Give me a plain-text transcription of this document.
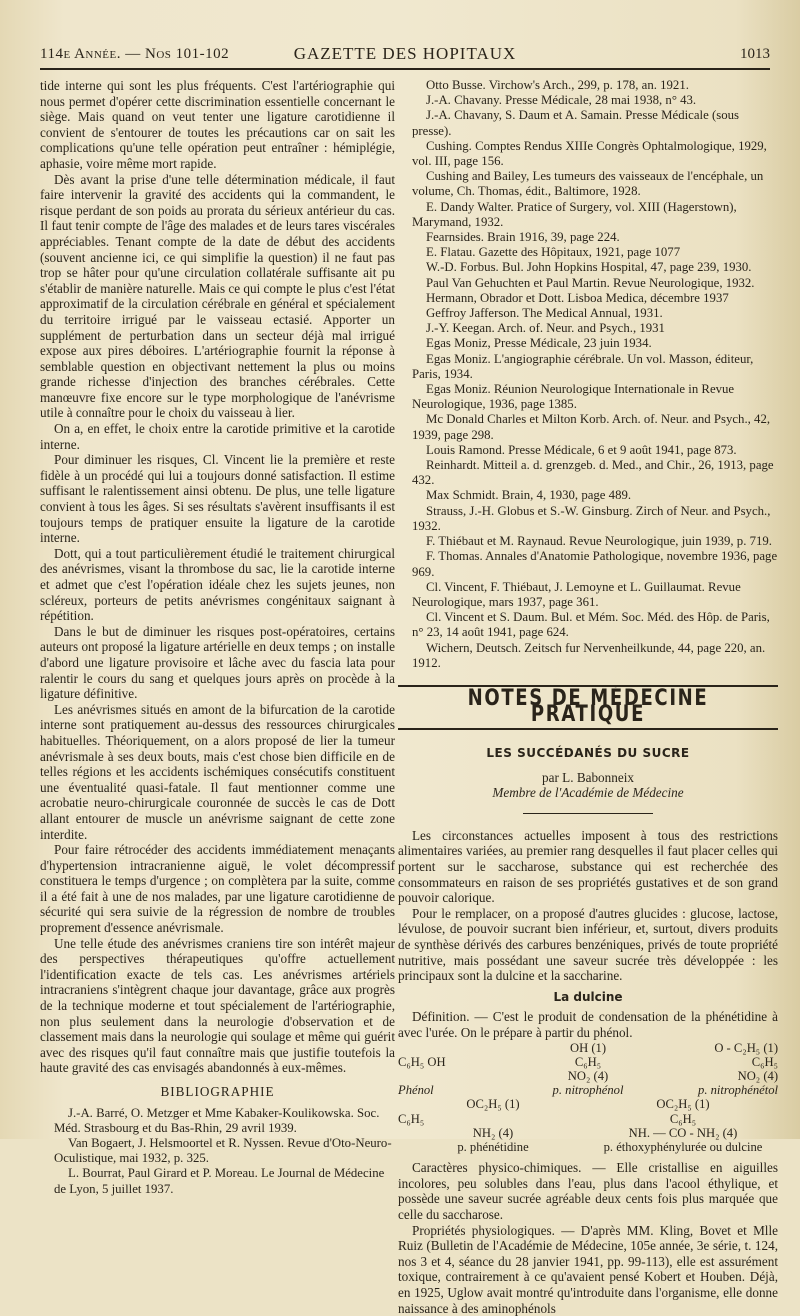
114e Année. — Nos 101-102	GAZETTE DES HOPITAUX	1013

tide interne qui sont les plus fréquents. C'est l'artériographie qui nous permet d'opérer cette discrimination essentielle concernant le siège. Mais quand on veut tenter une ligature carotidienne il convient de s'entourer de toutes les précautions car on sait les complications qu'une telle opération peut entraîner : hémiplégie, aphasie, voire même mort rapide.

Dès avant la prise d'une telle détermination médicale, il faut faire intervenir la gravité des accidents qui la commandent, le risque perdant de son poids au prorata du sérieux antérieur du cas. Il faut tenir compte de l'âge des malades et de leurs tares viscérales appréciables. Tenant compte de la date de début des accidents (souvent ancienne ici, ce qui simplifie la question) il ne faut pas trop se hâter pour qu'une circulation collatérale suffisante ait pu s'établir de manière naturelle. Mais ce qui compte le plus c'est l'état approximatif de la circulation cérébrale en général et spécialement du territoire irrigué par le vaisseau ectasié. Apporter un supplément de perturbation dans un secteur déjà mal irrigué expose aux pires déboires. L'artériographie fournit la réponse à semblable question en objectivant nettement la plus ou moins grande richesse d'injection des branches cérébrales. Cette manœuvre fixe encore sur le type morphologique de l'anévrisme utile à connaître pour le choix du vaisseau à lier.

On a, en effet, le choix entre la carotide primitive et la carotide interne.

Pour diminuer les risques, Cl. Vincent lie la première et reste fidèle à un procédé qui lui a toujours donné satisfaction. Il estime suffisant le ralentissement ainsi obtenu. De plus, une telle ligature convient à tous les âges. Si ses résultats s'avèrent insuffisants il est toujours temps de pratiquer ensuite la ligature de la carotide interne.

Dott, qui a tout particulièrement étudié le traitement chirurgical des anévrismes, visant la thrombose du sac, lie la carotide interne et admet que c'est l'opération idéale chez les sujets jeunes, non scléreux, porteurs de petits anévrismes congénitaux saignant à répétition.

Dans le but de diminuer les risques post-opératoires, certains auteurs ont proposé la ligature artérielle en deux temps ; on installe d'abord une ligature provisoire et lâche avec du fascia lata pour ralentir le cours du sang et quelques jours après on procède à la ligature définitive.

Les anévrismes situés en amont de la bifurcation de la carotide interne sont pratiquement au-dessus des ressources chirurgicales habituelles. Théoriquement, on a alors proposé de lier la tumeur anévrismale à ses deux bouts, mais c'est chose bien difficile en de telles régions et les accidents ischémiques consécutifs constituent une éventualité quasi-fatale. Il faut mentionner comme une acrobatie neuro-chirurgicale couronnée de succès le cas de Dott allant entourer de muscle un anévrisme saignant de cette zone interdite.

Pour faire rétrocéder des accidents immédiatement menaçants d'hypertension intracranienne aiguë, le volet décompressif constituera le temps d'urgence ; on complètera par la suite, comme il a été fait à une de nos malades, par une ligature carotidienne de sécurité qui sera suivie de la régression de nombre de troubles proprement d'essence anévrismale.

Une telle étude des anévrismes craniens tire son intérêt majeur des perspectives thérapeutiques qu'offre actuellement l'identification exacte de tels cas. Les anévrismes artériels intracraniens s'intègrent chaque jour davantage, grâce aux progrès de la technique moderne et tout spécialement de l'artériographie, non plus seulement dans la neurologie d'observation et de classement mais dans la neurologie qui soulage et même qui guérit avec des risques qu'il faut connaître mais que justifie toutefois la haute gravité des cas envisagés abandonnés à eux-mêmes.

BIBLIOGRAPHIE

J.-A. Barré, O. Metzger et Mme Kabaker-Koulikowska. Soc. Méd. Strasbourg et du Bas-Rhin, 29 avril 1939.

Van Bogaert, J. Helsmoortel et R. Nyssen. Revue d'Oto-Neuro-Oculistique, mai 1932, p. 325.

L. Bourrat, Paul Girard et P. Moreau. Le Journal de Médecine de Lyon, 5 juillet 1937.

Otto Busse. Virchow's Arch., 299, p. 178, an. 1921.

J.-A. Chavany. Presse Médicale, 28 mai 1938, n° 43.

J.-A. Chavany, S. Daum et A. Samain. Presse Médicale (sous presse).

Cushing. Comptes Rendus XIIIe Congrès Ophtalmologique, 1929, vol. III, page 156.

Cushing and Bailey, Les tumeurs des vaisseaux de l'encéphale, un volume, Ch. Thomas, édit., Baltimore, 1928.

E. Dandy Walter. Pratice of Surgery, vol. XIII (Hagerstown), Marymand, 1932.

Fearnsides. Brain 1916, 39, page 224.

E. Flatau. Gazette des Hôpitaux, 1921, page 1077

W.-D. Forbus. Bul. John Hopkins Hospital, 47, page 239, 1930.

Paul Van Gehuchten et Paul Martin. Revue Neurologique, 1932.

Hermann, Obrador et Dott. Lisboa Medica, décembre 1937

Geffroy Jafferson. The Medical Annual, 1931.

J.-Y. Keegan. Arch. of. Neur. and Psych., 1931

Egas Moniz, Presse Médicale, 23 juin 1934.

Egas Moniz. L'angiographie cérébrale. Un vol. Masson, éditeur, Paris, 1934.

Egas Moniz. Réunion Neurologique Internationale in Revue Neurologique, 1936, page 1385.

Mc Donald Charles et Milton Korb. Arch. of. Neur. and Psych., 42, 1939, page 298.

Louis Ramond. Presse Médicale, 6 et 9 août 1941, page 873.

Reinhardt. Mitteil a. d. grenzgeb. d. Med., and Chir., 26, 1913, page 432.

Max Schmidt. Brain, 4, 1930, page 489.

Strauss, J.-H. Globus et S.-W. Ginsburg. Zirch of Neur. and Psych., 1932.

F. Thiébaut et M. Raynaud. Revue Neurologique, juin 1939, p. 719.

F. Thomas. Annales d'Anatomie Pathologique, novembre 1936, page 969.

Cl. Vincent, F. Thiébaut, J. Lemoyne et L. Guillaumat. Revue Neurologique, mars 1937, page 361.

Cl. Vincent et S. Daum. Bul. et Mém. Soc. Méd. des Hôp. de Paris, n° 23, 14 août 1941, page 624.

Wichern, Deutsch. Zeitsch fur Nervenheilkunde, 44, page 220, an. 1912.

NOTES DE MÉDECINE PRATIQUE
LES SUCCÉDANÉS DU SUCRE
par L. Babonneix
Membre de l'Académie de Médecine

Les circonstances actuelles imposent à tous des restrictions alimentaires variées, au premier rang desquelles il faut placer celles qui portent sur le saccharose, substance qui est recherchée des consommateurs en raison de ses propriétés gustatives et de son grand pouvoir calorique.

Pour le remplacer, on a proposé d'autres glucides : glucose, lactose, lévulose, de pouvoir sucrant bien inférieur, et, surtout, divers produits de synthèse dérivés des carbures benzéniques, privés de toute propriété nutritive, mais possédant une saveur sucrée très développée : les principaux sont la dulcine et la saccharine.

La dulcine

Définition. — C'est le produit de condensation de la phénétidine à avec l'urée. On le prépare à partir du phénol.

OH (1)	O - C₂H₅ (1)
C₆H₅ OH	C₆H₅	C₆H₅
NO₂ (4)	NO₂ (4)
Phénol	p. nitrophénol	p. nitrophénétol
OC₂H₅ (1)	OC₂H₅ (1)
C₆H₅	C₆H₅
NH₂ (4)	NH. — CO - NH₂ (4)
p. phénétidine	p. éthoxyphénylurée ou dulcine

Caractères physico-chimiques. — Elle cristallise en aiguilles incolores, peu solubles dans l'eau, plus dans l'acool éthylique, et possède une saveur sucrée agréable deux cents fois plus marquée que celle du saccharose.

Propriétés physiologiques. — D'après MM. Kling, Bovet et Mlle Ruiz (Bulletin de l'Académie de Médecine, 105e année, 3e série, t. 124, nos 3 et 4, séance du 28 janvier 1941, pp. 99-113), elle est assurément toxique, contrairement à ce qu'avaient pensé Kobert et Houben. Déjà, en 1925, Uglow avait montré qu'introduite dans l'organisme, elle donne naissance à des aminophénols
